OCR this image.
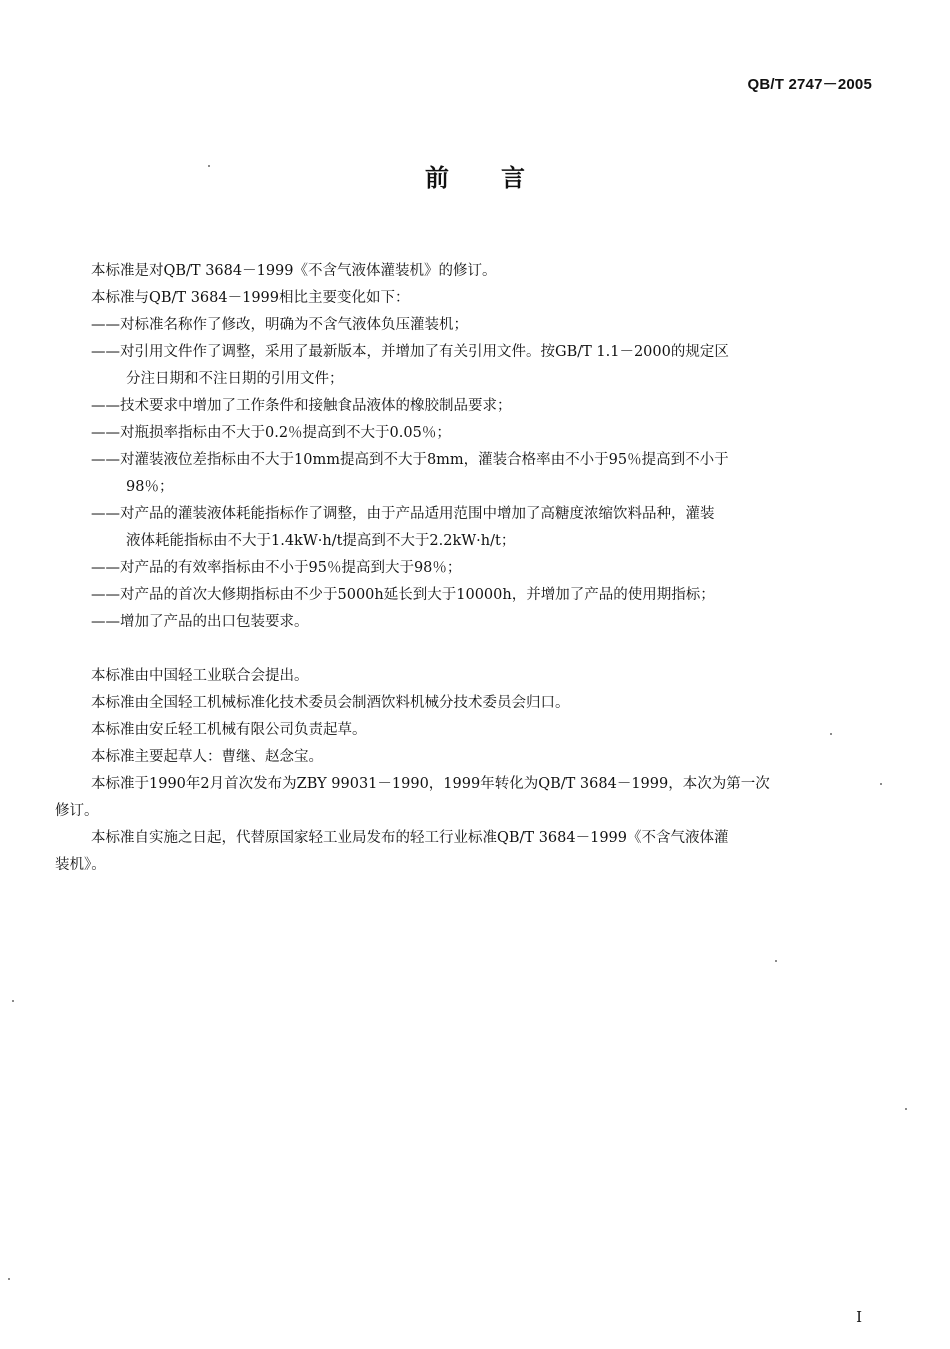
QB/T 2747－2005
前言
本标准是对QB/T 3684－1999《不含气液体灌装机》的修订。
本标准与QB/T 3684－1999相比主要变化如下：
——对标准名称作了修改，明确为不含气液体负压灌装机；
——对引用文件作了调整，采用了最新版本，并增加了有关引用文件。按GB/T 1.1－2000的规定区
分注日期和不注日期的引用文件；
——技术要求中增加了工作条件和接触食品液体的橡胶制品要求；
——对瓶损率指标由不大于0.2％提高到不大于0.05％；
——对灌装液位差指标由不大于10mm提高到不大于8mm，灌装合格率由不小于95％提高到不小于
98％；
——对产品的灌装液体耗能指标作了调整，由于产品适用范围中增加了高糖度浓缩饮料品种，灌装
液体耗能指标由不大于1.4kW·h/t提高到不大于2.2kW·h/t；
——对产品的有效率指标由不小于95％提高到大于98％；
——对产品的首次大修期指标由不少于5000h延长到大于10000h，并增加了产品的使用期指标；
——增加了产品的出口包装要求。
本标准由中国轻工业联合会提出。
本标准由全国轻工机械标准化技术委员会制酒饮料机械分技术委员会归口。
本标准由安丘轻工机械有限公司负责起草。
本标准主要起草人：曹继、赵念宝。
本标准于1990年2月首次发布为ZBY 99031－1990，1999年转化为QB/T 3684－1999，本次为第一次
修订。
本标准自实施之日起，代替原国家轻工业局发布的轻工行业标准QB/T 3684－1999《不含气液体灌
装机》。
I
